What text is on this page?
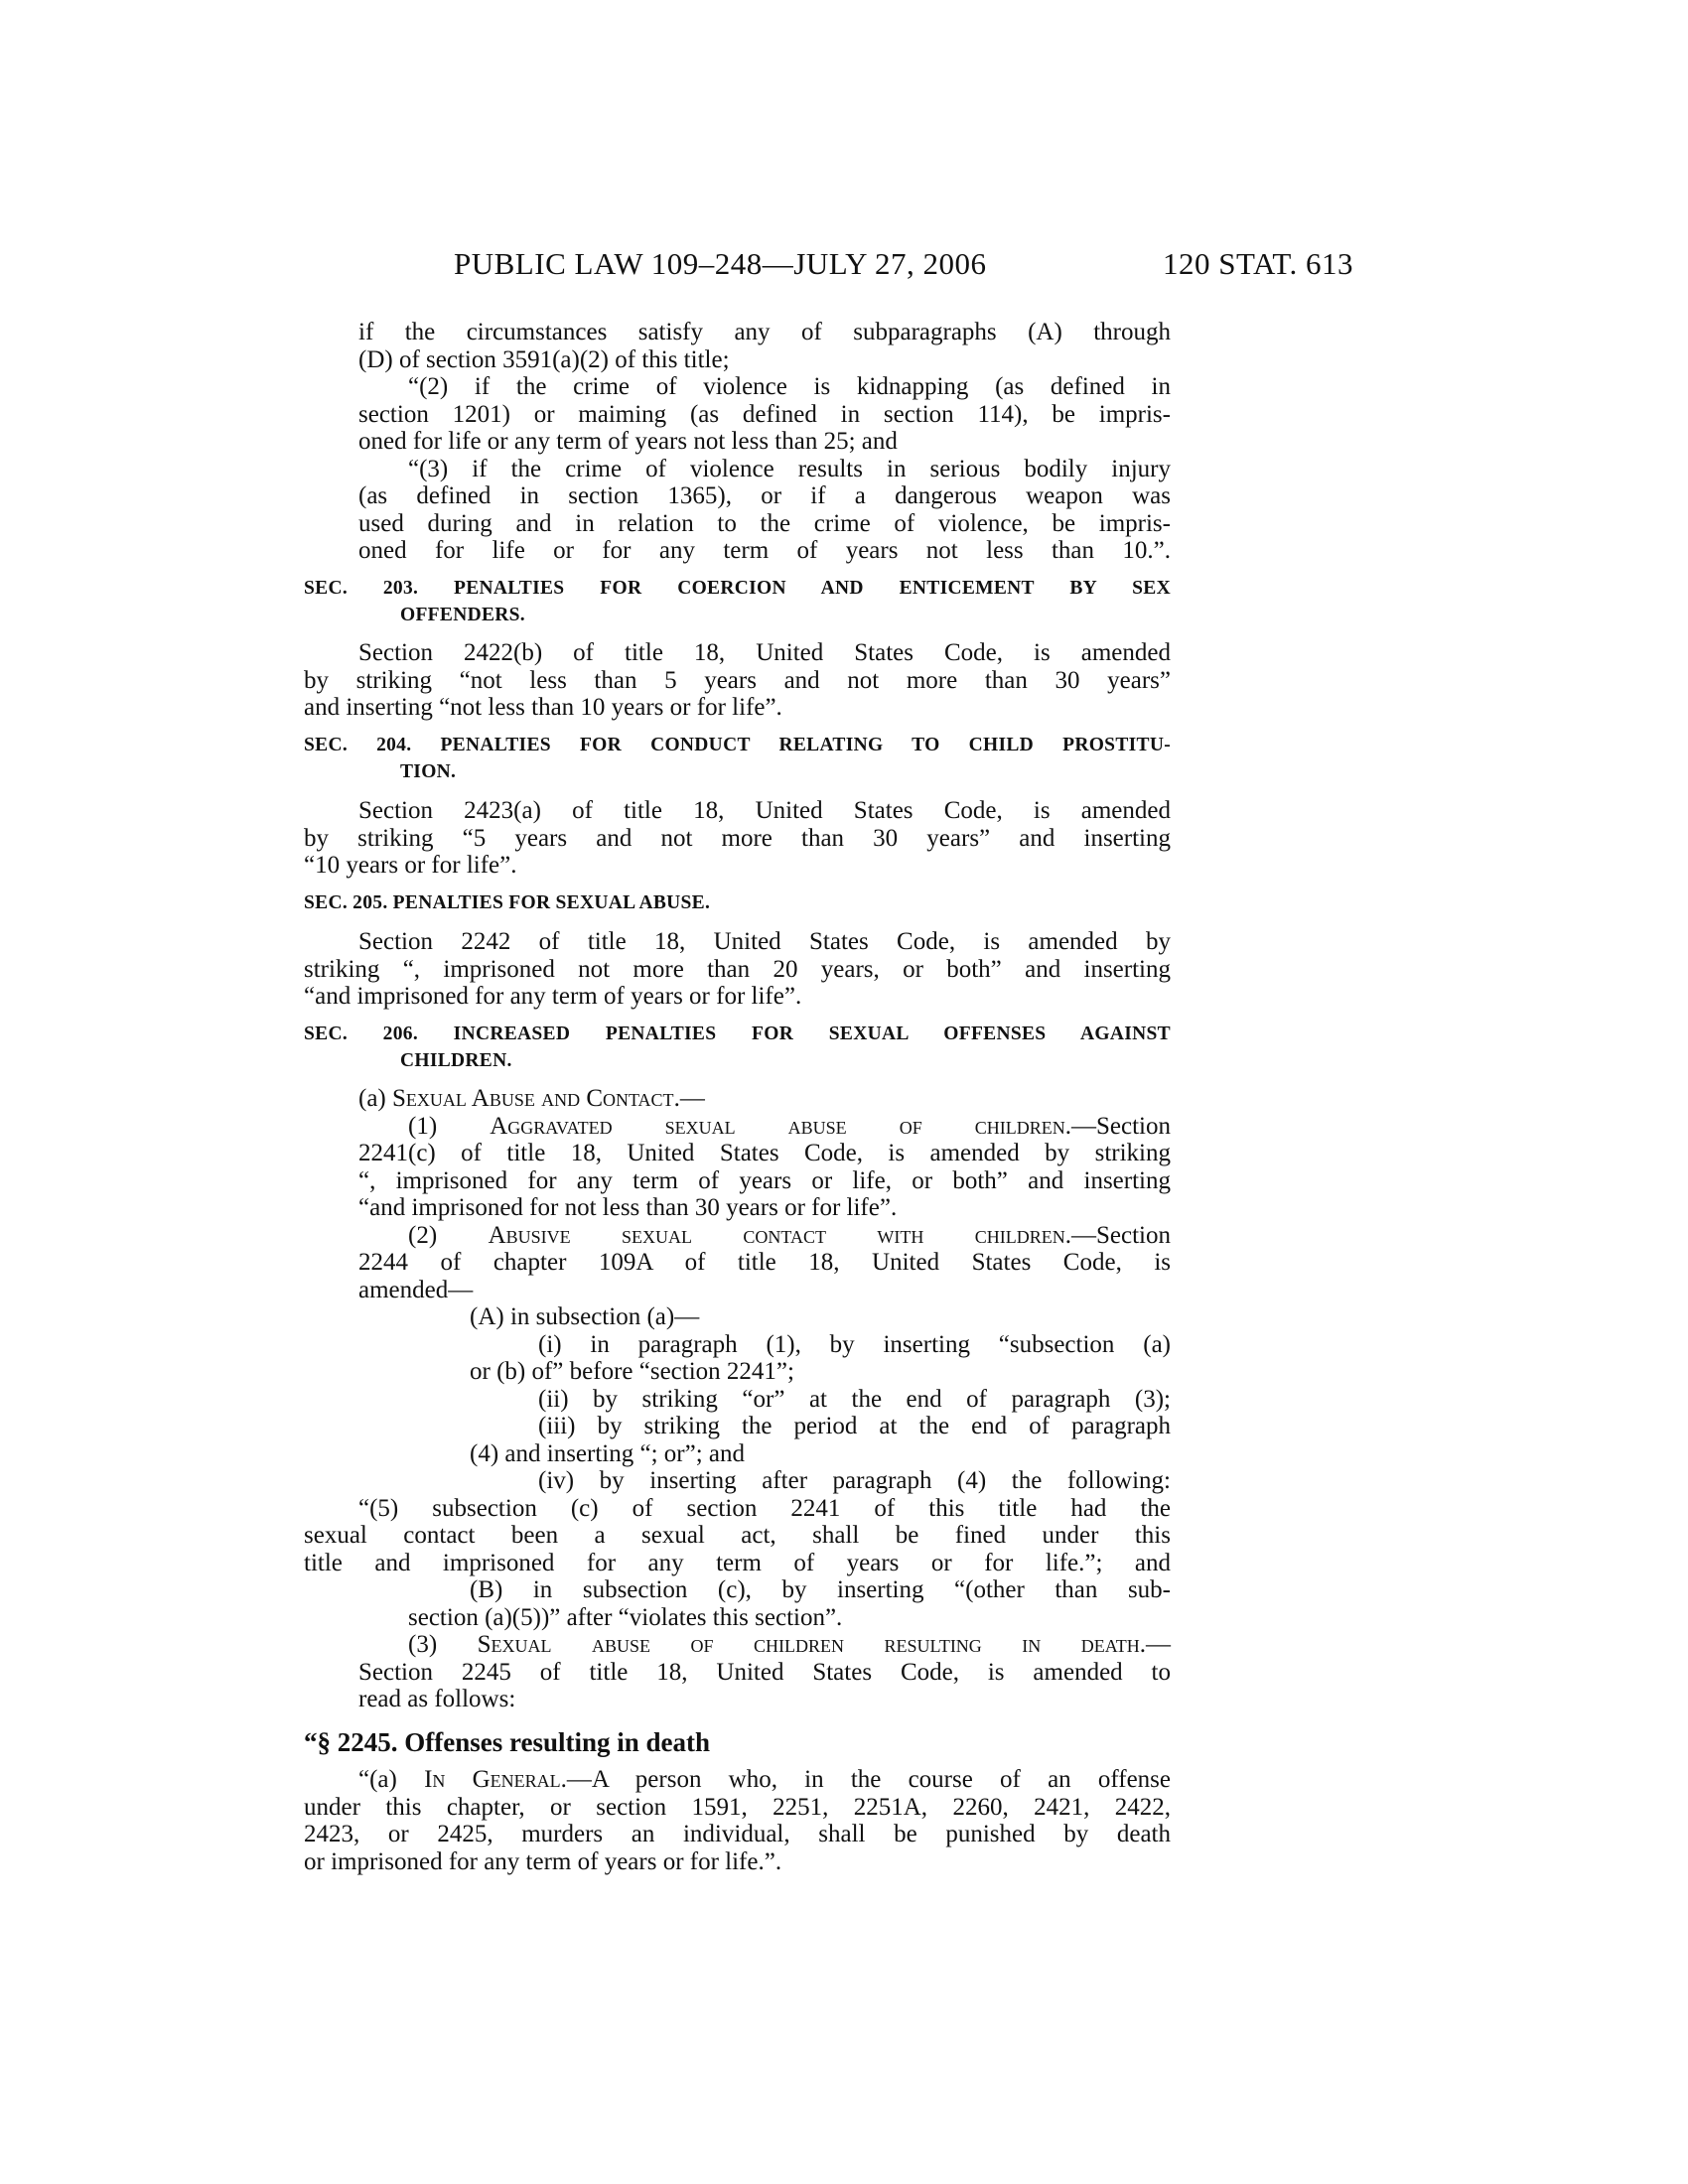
PUBLIC LAW 109–248—JULY 27, 2006	120 STAT. 613
if the circumstances satisfy any of subparagraphs (A) through
(D) of section 3591(a)(2) of this title;
“(2) if the crime of violence is kidnapping (as defined in
section 1201) or maiming (as defined in section 114), be impris-
oned for life or any term of years not less than 25; and
“(3) if the crime of violence results in serious bodily injury
(as defined in section 1365), or if a dangerous weapon was
used during and in relation to the crime of violence, be impris-
oned for life or for any term of years not less than 10.”.
SEC. 203. PENALTIES FOR COERCION AND ENTICEMENT BY SEX
OFFENDERS.
Section 2422(b) of title 18, United States Code, is amended
by striking “not less than 5 years and not more than 30 years”
and inserting “not less than 10 years or for life”.
SEC. 204. PENALTIES FOR CONDUCT RELATING TO CHILD PROSTITU-
TION.
Section 2423(a) of title 18, United States Code, is amended
by striking “5 years and not more than 30 years” and inserting
“10 years or for life”.
SEC. 205. PENALTIES FOR SEXUAL ABUSE.
Section 2242 of title 18, United States Code, is amended by
striking “, imprisoned not more than 20 years, or both” and inserting
“and imprisoned for any term of years or for life”.
SEC. 206. INCREASED PENALTIES FOR SEXUAL OFFENSES AGAINST
CHILDREN.
(a) Sexual Abuse and Contact.—
(1) Aggravated sexual abuse of children.—Section
2241(c) of title 18, United States Code, is amended by striking
“, imprisoned for any term of years or life, or both” and inserting
“and imprisoned for not less than 30 years or for life”.
(2) Abusive sexual contact with children.—Section
2244 of chapter 109A of title 18, United States Code, is
amended—
(A) in subsection (a)—
(i) in paragraph (1), by inserting “subsection (a)
or (b) of” before “section 2241”;
(ii) by striking “or” at the end of paragraph (3);
(iii) by striking the period at the end of paragraph
(4) and inserting “; or”; and
(iv) by inserting after paragraph (4) the following:
“(5) subsection (c) of section 2241 of this title had the
sexual contact been a sexual act, shall be fined under this
title and imprisoned for any term of years or for life.”; and
(B) in subsection (c), by inserting “(other than sub-
section (a)(5))” after “violates this section”.
(3) Sexual abuse of children resulting in death.—
Section 2245 of title 18, United States Code, is amended to
read as follows:
“§ 2245. Offenses resulting in death
“(a) In General.—A person who, in the course of an offense
under this chapter, or section 1591, 2251, 2251A, 2260, 2421, 2422,
2423, or 2425, murders an individual, shall be punished by death
or imprisoned for any term of years or for life.”.
